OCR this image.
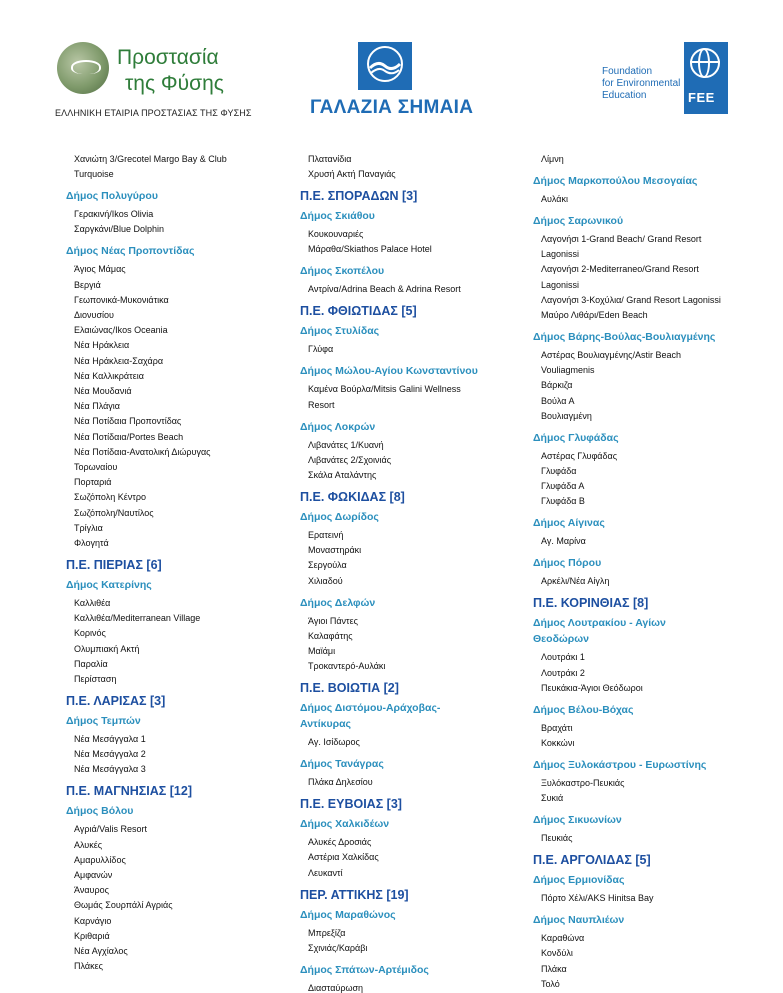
Προστασία
της Φύσης
ΕΛΛΗΝΙΚΗ ΕΤΑΙΡΙΑ ΠΡΟΣΤΑΣΙΑΣ ΤΗΣ ΦΥΣΗΣ	ΓΑΛΑΖΙΑ ΣΗΜΑΙΑ
Foundation
for Environmental
Education	FEE
Χανιώτη 3/Grecotel Margo Bay & Club
Turquoise
Δήμος Πολυγύρου
Γερακινή/Ikos Olivia
Σαργκάνι/Blue Dolphin
Δήμος Νέας Προποντίδας
Άγιος Μάμας
Βεργιά
Γεωπονικά-Μυκονιάτικα
Διονυσίου
Ελαιώνας/Ikos Oceania
Νέα Ηράκλεια
Νέα Ηράκλεια-Σαχάρα
Νέα Καλλικράτεια
Νέα Μουδανιά
Νέα Πλάγια
Νέα Ποτίδαια Προποντίδας
Νέα Ποτίδαια/Portes Beach
Νέα Ποτίδαια-Ανατολική Διώρυγας
Τορωναίου
Πορταριά
Σωζόπολη Κέντρο
Σωζόπολη/Ναυτίλος
Τρίγλια
Φλογητά
Π.Ε. ΠΙΕΡΙΑΣ [6]
Δήμος Κατερίνης
Καλλιθέα
Καλλιθέα/Mediterranean Village
Κορινός
Ολυμπιακή Ακτή
Παραλία
Περίσταση
Π.Ε. ΛΑΡΙΣΑΣ [3]
Δήμος Τεμπών
Νέα Μεσάγγαλα 1
Νέα Μεσάγγαλα 2
Νέα Μεσάγγαλα 3
Π.Ε. ΜΑΓΝΗΣΙΑΣ [12]
Δήμος Βόλου
Αγριά/Valis Resort
Αλυκές
Αμαρυλλίδος
Αμφανών
Άναυρος
Θωμάς Σουρπάλί Αγριάς
Καρνάγιο
Κριθαριά
Νέα Αγχίαλος
Πλάκες
Πλατανίδια
Χρυσή Ακτή Παναγιάς
Π.Ε. ΣΠΟΡΑΔΩΝ [3]
Δήμος Σκιάθου
Κουκουναριές
Μάραθα/Skiathos Palace Hotel
Δήμος Σκοπέλου
Αντρίνα/Adrina Beach & Adrina Resort
Π.Ε. ΦΘΙΩΤΙΔΑΣ [5]
Δήμος Στυλίδας
Γλύφα
Δήμος Μώλου-Αγίου Κωνσταντίνου
Καμένα Βούρλα/Mitsis Galini Wellness
Resort
Δήμος Λοκρών
Λιβανάτες 1/Κυανή
Λιβανάτες 2/Σχοινιάς
Σκάλα Αταλάντης
Π.Ε. ΦΩΚΙΔΑΣ [8]
Δήμος Δωρίδος
Ερατεινή
Μοναστηράκι
Σεργούλα
Χιλιαδού
Δήμος Δελφών
Άγιοι Πάντες
Καλαφάτης
Μαϊάμι
Τροκαντερό-Αυλάκι
Π.Ε. ΒΟΙΩΤΙΑ [2]
Δήμος Διστόμου-Αράχοβας-
Αντίκυρας
Αγ. Ισίδωρος
Δήμος Τανάγρας
Πλάκα Δηλεσίου
Π.Ε. ΕΥΒΟΙΑΣ [3]
Δήμος Χαλκιδέων
Αλυκές Δροσιάς
Αστέρια Χαλκίδας
Λευκαντί
ΠΕΡ. ΑΤΤΙΚΗΣ [19]
Δήμος Μαραθώνος
Μπρεξίζα
Σχινιάς/Καράβι
Δήμος Σπάτων-Αρτέμιδος
Διασταύρωση
Λίμνη
Δήμος Μαρκοπούλου Μεσογαίας
Αυλάκι
Δήμος Σαρωνικού
Λαγονήσι 1-Grand Beach/ Grand Resort
Lagonissi
Λαγονήσι 2-Mediterraneo/Grand Resort
Lagonissi
Λαγονήσι 3-Κοχύλια/ Grand Resort Lagonissi
Μαύρο Λιθάρι/Eden Beach
Δήμος Βάρης-Βούλας-Βουλιαγμένης
Αστέρας Βουλιαγμένης/Astir Beach
Vouliagmenis
Βάρκιζα
Βούλα Α
Βουλιαγμένη
Δήμος Γλυφάδας
Αστέρας Γλυφάδας
Γλυφάδα
Γλυφάδα Α
Γλυφάδα Β
Δήμος Αίγινας
Αγ. Μαρίνα
Δήμος Πόρου
Αρκέλι/Νέα Αίγλη
Π.Ε. ΚΟΡΙΝΘΙΑΣ [8]
Δήμος Λουτρακίου - Αγίων
Θεοδώρων
Λουτράκι 1
Λουτράκι 2
Πευκάκια-Άγιοι Θεόδωροι
Δήμος Βέλου-Βόχας
Βραχάτι
Κοκκώνι
Δήμος Ξυλοκάστρου - Ευρωστίνης
Ξυλόκαστρο-Πευκιάς
Συκιά
Δήμος Σικυωνίων
Πευκιάς
Π.Ε. ΑΡΓΟΛΙΔΑΣ [5]
Δήμος Ερμιονίδας
Πόρτο Χέλι/AKS Hinitsa Bay
Δήμος Ναυπλιέων
Καραθώνα
Κονδύλι
Πλάκα
Τολό
